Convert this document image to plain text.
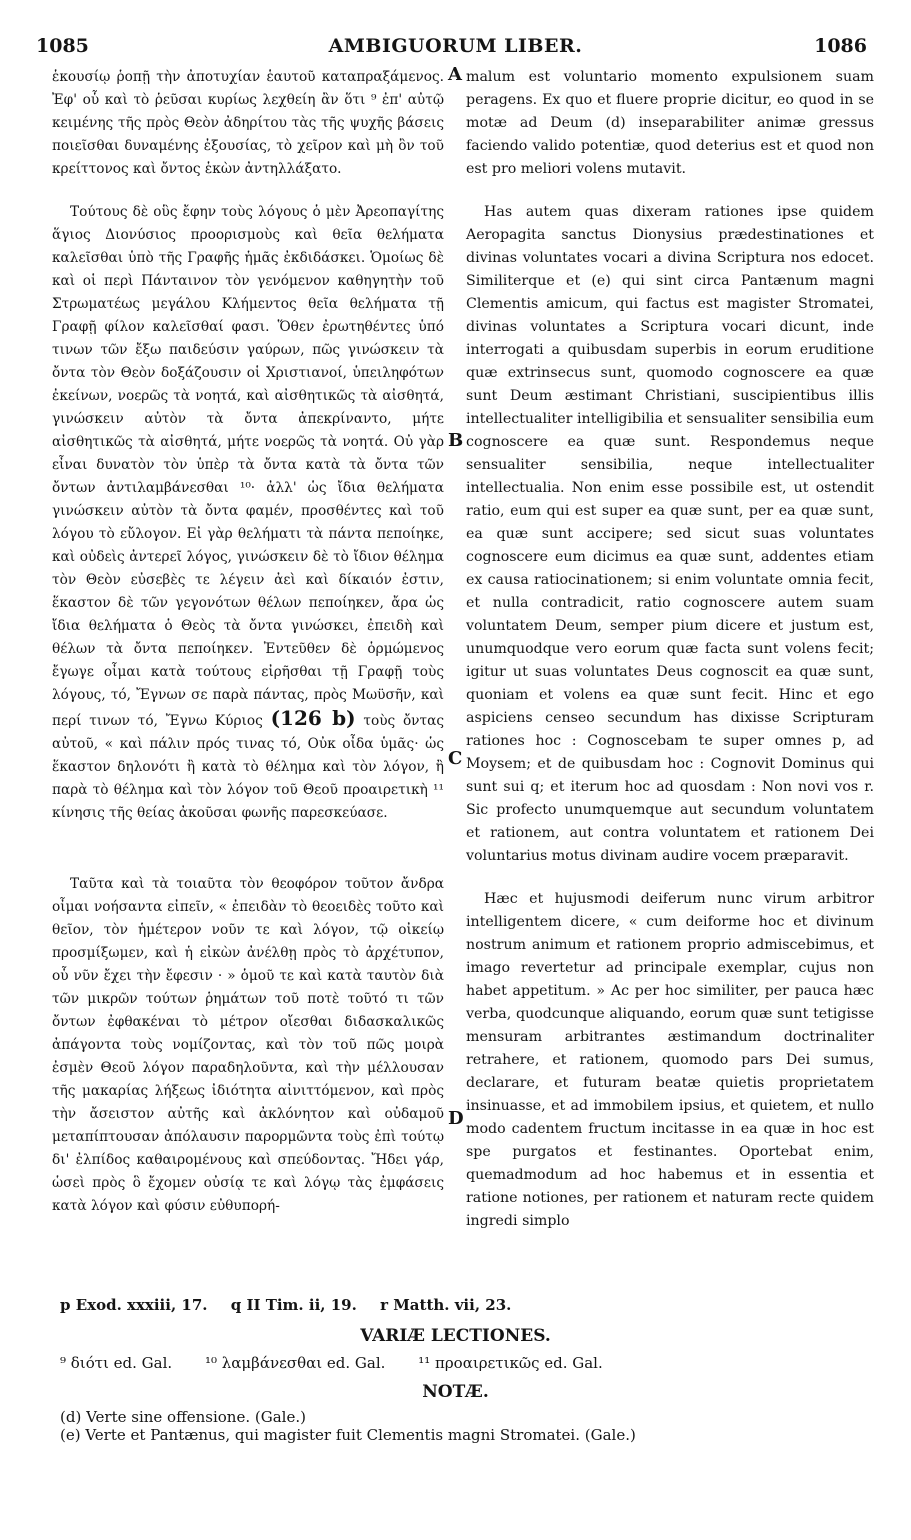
1085	AMBIGUORUM LIBER.	1086

ἑκουσίῳ ῥοπῇ τὴν ἀποτυχίαν ἑαυτοῦ καταπραξάμενος. Ἐφ' οὗ καὶ τὸ ῥεῦσαι κυρίως λεχθείη ἂν ὅτι ⁹ ἐπ' αὐτῷ κειμένης τῆς πρὸς Θεὸν ἀδηρίτου τὰς τῆς ψυχῆς βάσεις ποιεῖσθαι δυναμένης ἐξουσίας, τὸ χεῖρον καὶ μὴ ὂν τοῦ κρείττονος καὶ ὄντος ἑκὼν ἀντηλλάξατο.

Τούτους δὲ οὓς ἔφην τοὺς λόγους ὁ μὲν Ἀρεοπαγίτης ἅγιος Διονύσιος προορισμοὺς καὶ θεῖα θελήματα καλεῖσθαι ὑπὸ τῆς Γραφῆς ἡμᾶς ἐκδιδάσκει. Ὁμοίως δὲ καὶ οἱ περὶ Πάνταινον τὸν γενόμενον καθηγητὴν τοῦ Στρωματέως μεγάλου Κλήμεντος θεῖα θελήματα τῇ Γραφῇ φίλον καλεῖσθαί φασι. Ὅθεν ἐρωτηθέντες ὑπό τινων τῶν ἔξω παιδεύσιν γαύρων, πῶς γινώσκειν τὰ ὄντα τὸν Θεὸν δοξάζουσιν οἱ Χριστιανοί, ὑπειληφότων ἐκείνων, νοερῶς τὰ νοητά, καὶ αἰσθητικῶς τὰ αἰσθητά, γινώσκειν αὐτὸν τὰ ὄντα ἀπεκρίναντο, μήτε αἰσθητικῶς τὰ αἰσθητά, μήτε νοερῶς τὰ νοητά. Οὐ γὰρ εἶναι δυνατὸν τὸν ὑπὲρ τὰ ὄντα κατὰ τὰ ὄντα τῶν ὄντων ἀντιλαμβάνεσθαι ¹⁰· ἀλλ' ὡς ἴδια θελήματα γινώσκειν αὐτὸν τὰ ὄντα φαμέν, προσθέντες καὶ τοῦ λόγου τὸ εὔλογον. Εἰ γὰρ θελήματι τὰ πάντα πεποίηκε, καὶ οὐδεὶς ἀντερεῖ λόγος, γινώσκειν δὲ τὸ ἴδιον θέλημα τὸν Θεὸν εὐσεβὲς τε λέγειν ἀεὶ καὶ δίκαιόν ἐστιν, ἕκαστον δὲ τῶν γεγονότων θέλων πεποίηκεν, ἄρα ὡς ἴδια θελήματα ὁ Θεὸς τὰ ὄντα γινώσκει, ἐπειδὴ καὶ θέλων τὰ ὄντα πεποίηκεν. Ἐντεῦθεν δὲ ὁρμώμενος ἔγωγε οἶμαι κατὰ τούτους εἰρῆσθαι τῇ Γραφῇ τοὺς λόγους, τό, Ἔγνων σε παρὰ πάντας, πρὸς Μωϋσῆν, καὶ περί τινων τό, Ἔγνω Κύριος (126 b) τοὺς ὄντας αὐτοῦ, « καὶ πάλιν πρός τινας τό, Οὐκ οἶδα ὑμᾶς· ὡς ἕκαστον δηλονότι ἢ κατὰ τὸ θέλημα καὶ τὸν λόγον, ἢ παρὰ τὸ θέλημα καὶ τὸν λόγον τοῦ Θεοῦ προαιρετικὴ ¹¹ κίνησις τῆς θείας ἀκοῦσαι φωνῆς παρεσκεύασε.

Ταῦτα καὶ τὰ τοιαῦτα τὸν θεοφόρον τοῦτον ἄνδρα οἶμαι νοήσαντα εἰπεῖν, « ἐπειδὰν τὸ θεοειδὲς τοῦτο καὶ θεῖον, τὸν ἡμέτερον νοῦν τε καὶ λόγον, τῷ οἰκείῳ προσμίξωμεν, καὶ ἡ εἰκὼν ἀνέλθῃ πρὸς τὸ ἀρχέτυπον, οὗ νῦν ἔχει τὴν ἔφεσιν · » ὁμοῦ τε καὶ κατὰ ταυτὸν διὰ τῶν μικρῶν τούτων ῥημάτων τοῦ ποτὲ τοῦτό τι τῶν ὄντων ἐφθακέναι τὸ μέτρον οἴεσθαι διδασκαλικῶς ἀπάγοντα τοὺς νομίζοντας, καὶ τὸν τοῦ πῶς μοιρὰ ἐσμὲν Θεοῦ λόγον παραδηλοῦντα, καὶ τὴν μέλλουσαν τῆς μακαρίας λήξεως ἰδιότητα αἰνιττόμενον, καὶ πρὸς τὴν ἄσειστον αὐτῆς καὶ ἀκλόνητον καὶ οὐδαμοῦ μεταπίπτουσαν ἀπόλαυσιν παρορμῶντα τοὺς ἐπὶ τούτῳ δι' ἐλπίδος καθαιρομένους καὶ σπεύδοντας. Ἤδει γάρ, ὡσεὶ πρὸς ὃ ἔχομεν οὐσίᾳ τε καὶ λόγῳ τὰς ἐμφάσεις κατὰ λόγον καὶ φύσιν εὐθυπορή-

A
B
C
D

malum est voluntario momento expulsionem suam peragens. Ex quo et fluere proprie dicitur, eo quod in se motæ ad Deum (d) inseparabiliter animæ gressus faciendo valido potentiæ, quod deterius est et quod non est pro meliori volens mutavit.

Has autem quas dixeram rationes ipse quidem Aeropagita sanctus Dionysius prædestinationes et divinas voluntates vocari a divina Scriptura nos edocet. Similiterque et (e) qui sint circa Pantænum magni Clementis amicum, qui factus est magister Stromatei, divinas voluntates a Scriptura vocari dicunt, inde interrogati a quibusdam superbis in eorum eruditione quæ extrinsecus sunt, quomodo cognoscere ea quæ sunt Deum æstimant Christiani, suscipientibus illis intellectualiter intelligibilia et sensualiter sensibilia eum cognoscere ea quæ sunt. Respondemus neque sensualiter sensibilia, neque intellectualiter intellectualia. Non enim esse possibile est, ut ostendit ratio, eum qui est super ea quæ sunt, per ea quæ sunt, ea quæ sunt accipere; sed sicut suas voluntates cognoscere eum dicimus ea quæ sunt, addentes etiam ex causa ratiocinationem; si enim voluntate omnia fecit, et nulla contradicit, ratio cognoscere autem suam voluntatem Deum, semper pium dicere et justum est, unumquodque vero eorum quæ facta sunt volens fecit; igitur ut suas voluntates Deus cognoscit ea quæ sunt, quoniam et volens ea quæ sunt fecit. Hinc et ego aspiciens censeo secundum has dixisse Scripturam rationes hoc : Cognoscebam te super omnes p, ad Moysem; et de quibusdam hoc : Cognovit Dominus qui sunt sui q; et iterum hoc ad quosdam : Non novi vos r. Sic profecto unumquemque aut secundum voluntatem et rationem, aut contra voluntatem et rationem Dei voluntarius motus divinam audire vocem præparavit.

Hæc et hujusmodi deiferum nunc virum arbitror intelligentem dicere, « cum deiforme hoc et divinum nostrum animum et rationem proprio admiscebimus, et imago revertetur ad principale exemplar, cujus non habet appetitum. » Ac per hoc similiter, per pauca hæc verba, quodcunque aliquando, eorum quæ sunt tetigisse mensuram arbitrantes æstimandum doctrinaliter retrahere, et rationem, quomodo pars Dei sumus, declarare, et futuram beatæ quietis proprietatem insinuasse, et ad immobilem ipsius, et quietem, et nullo modo cadentem fructum incitasse in ea quæ in hoc est spe purgatos et festinantes. Oportebat enim, quemadmodum ad hoc habemus et in essentia et ratione notiones, per rationem et naturam recte quidem ingredi simplo

p Exod. xxxiii, 17. q II Tim. ii, 19. r Matth. vii, 23.
VARIÆ LECTIONES.
⁹ διότι ed. Gal. ¹⁰ λαμβάνεσθαι ed. Gal. ¹¹ προαιρετικῶς ed. Gal.
NOTÆ.
(d) Verte sine offensione. (Gale.)
(e) Verte et Pantænus, qui magister fuit Clementis magni Stromatei. (Gale.)
